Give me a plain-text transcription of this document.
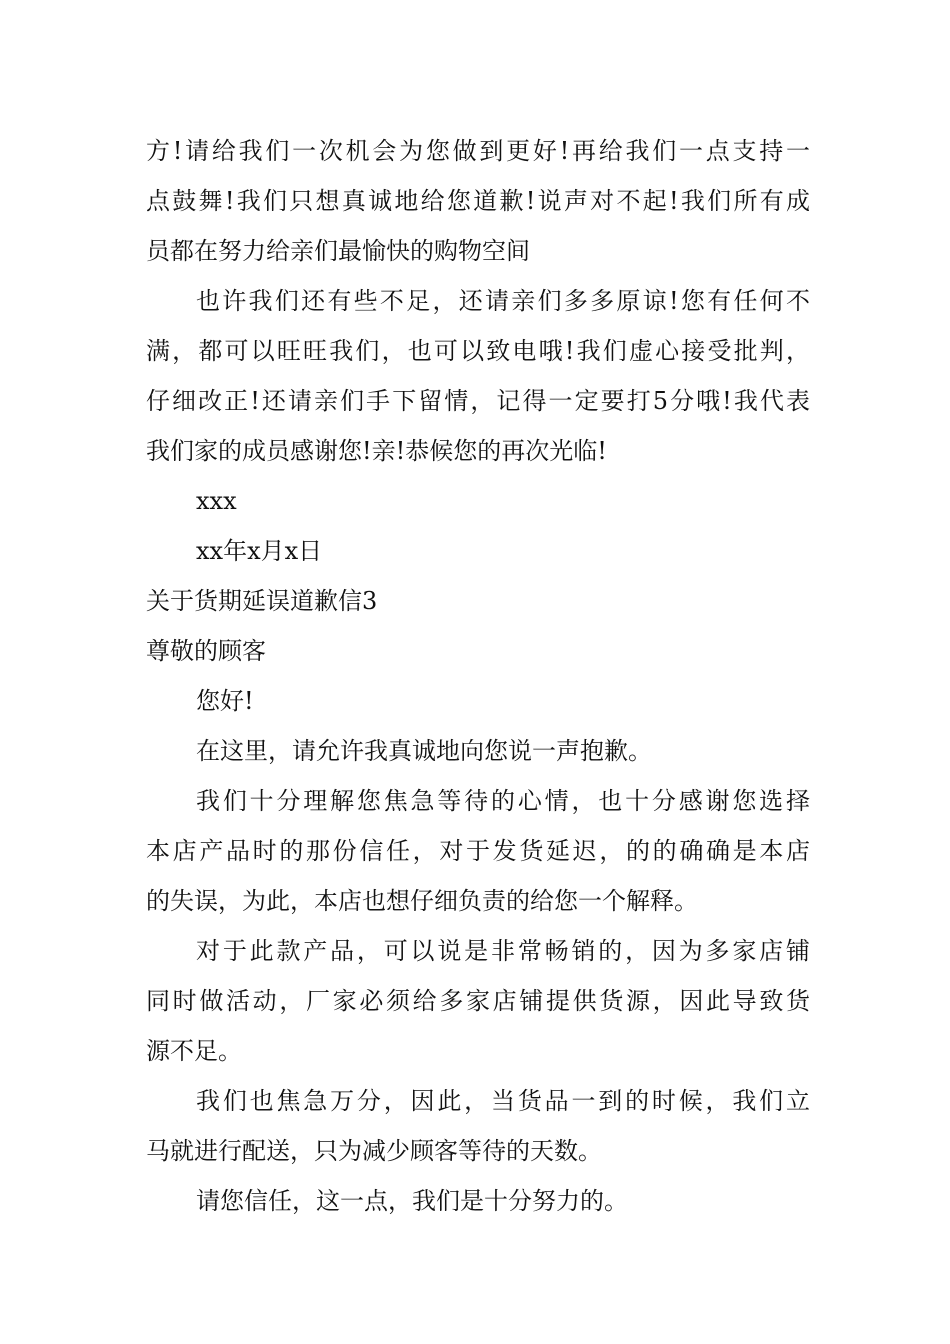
方!请给我们一次机会为您做到更好!再给我们一点支持一
点鼓舞!我们只想真诚地给您道歉!说声对不起!我们所有成
员都在努力给亲们最愉快的购物空间
也许我们还有些不足，还请亲们多多原谅!您有任何不
满，都可以旺旺我们，也可以致电哦!我们虚心接受批判，
仔细改正!还请亲们手下留情，记得一定要打5分哦!我代表
我们家的成员感谢您!亲!恭候您的再次光临!
xxx
xx年x月x日
关于货期延误道歉信3
尊敬的顾客
您好!
在这里，请允许我真诚地向您说一声抱歉。
我们十分理解您焦急等待的心情，也十分感谢您选择
本店产品时的那份信任，对于发货延迟，的的确确是本店
的失误，为此，本店也想仔细负责的给您一个解释。
对于此款产品，可以说是非常畅销的，因为多家店铺
同时做活动，厂家必须给多家店铺提供货源，因此导致货
源不足。
我们也焦急万分，因此，当货品一到的时候，我们立
马就进行配送，只为减少顾客等待的天数。
请您信任，这一点，我们是十分努力的。
